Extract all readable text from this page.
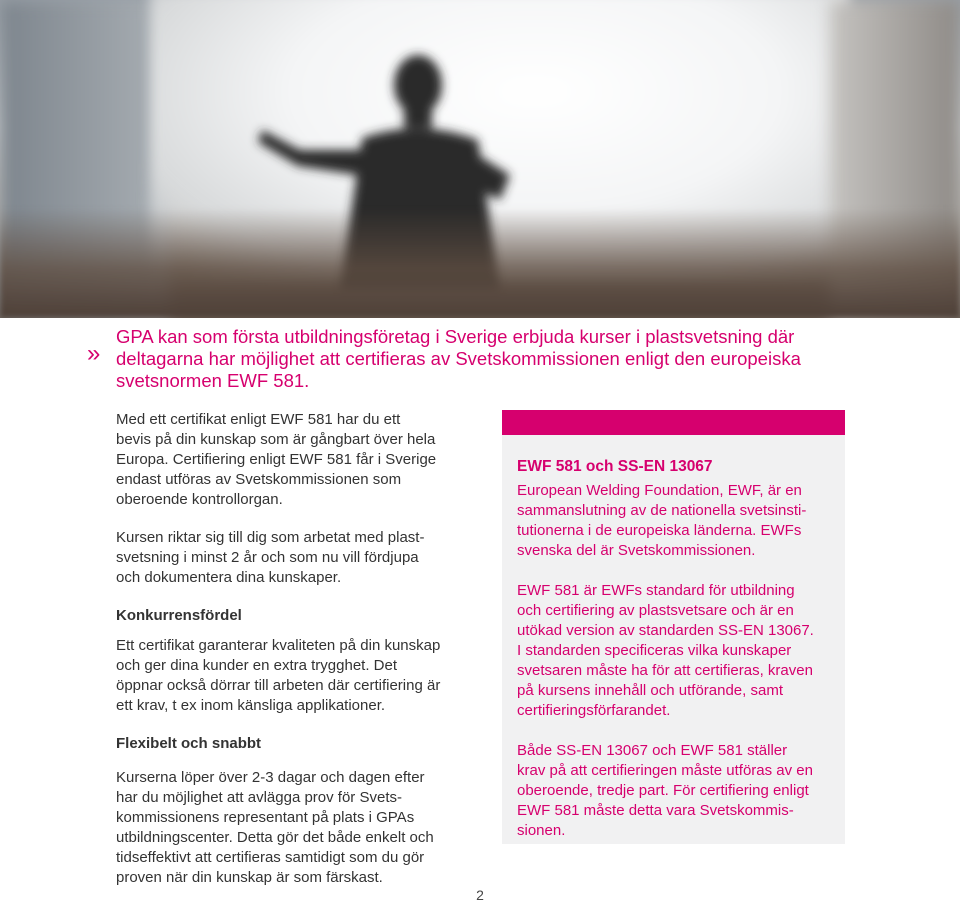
»

GPA kan som första utbildningsföretag i Sverige erbjuda kurser i plastsvetsning där
deltagarna har möjlighet att certifieras av Svetskommissionen enligt den europeiska
svetsnormen EWF 581.

Med ett certifikat enligt EWF 581 har du ett
bevis på din kunskap som är gångbart över hela
Europa. Certifiering enligt EWF 581 får i Sverige
endast utföras av Svetskommissionen som
oberoende kontrollorgan.

Kursen riktar sig till dig som arbetat med plast-
svetsning i minst 2 år och som nu vill fördjupa
och dokumentera dina kunskaper.

Konkurrensfördel

Ett certifikat garanterar kvaliteten på din kunskap
och ger dina kunder en extra trygghet. Det
öppnar också dörrar till arbeten där certifiering är
ett krav, t ex inom känsliga applikationer.

Flexibelt och snabbt

Kurserna löper över 2-3 dagar och dagen efter
har du möjlighet att avlägga prov för Svets-
kommissionens representant på plats i GPAs
utbildningscenter. Detta gör det både enkelt och
tidseffektivt att certifieras samtidigt som du gör
proven när din kunskap är som färskast.

EWF 581 och SS-EN 13067

European Welding Foundation, EWF, är en
sammanslutning av de nationella svetsinsti-
tutionerna i de europeiska länderna. EWFs
svenska del är Svetskommissionen.

EWF 581 är EWFs standard för utbildning
och certifiering av plastsvetsare och är en
utökad version av standarden SS-EN 13067.
I standarden specificeras vilka kunskaper
svetsaren måste ha för att certifieras, kraven
på kursens innehåll och utförande, samt
certifieringsförfarandet.

Både SS-EN 13067 och EWF 581 ställer
krav på att certifieringen måste utföras av en
oberoende, tredje part. För certifiering enligt
EWF 581 måste detta vara Svetskommis-
sionen.

2
